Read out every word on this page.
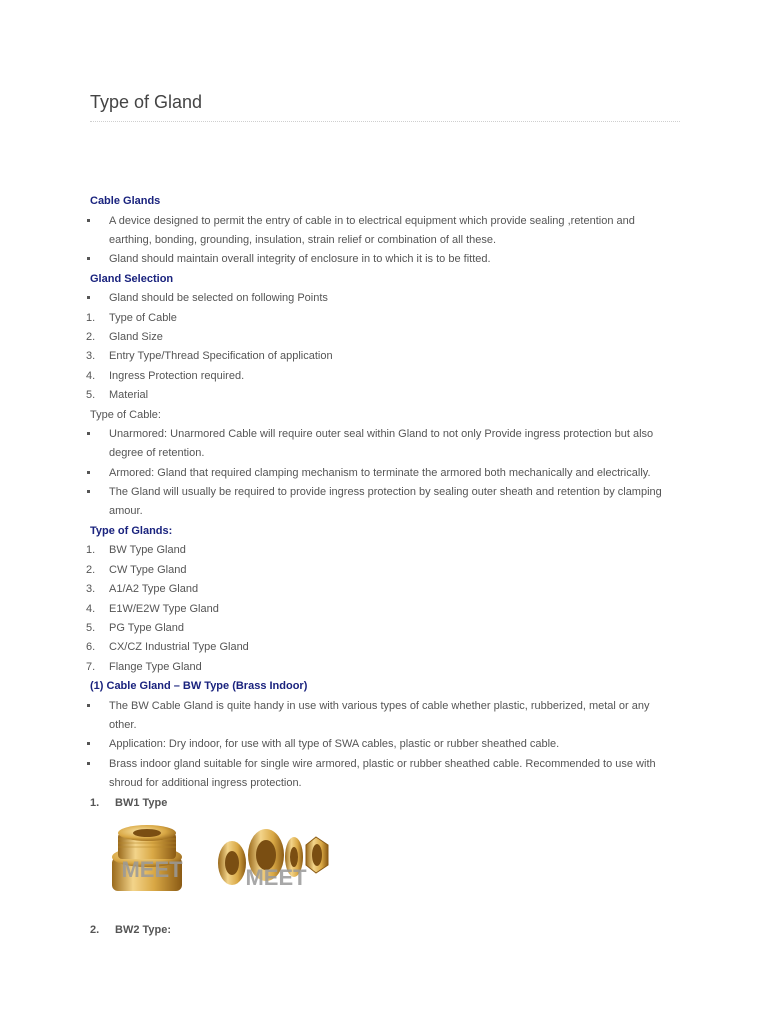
Type of Gland
Cable Glands
A device designed to permit the entry of cable in to electrical equipment which provide sealing ,retention and
earthing, bonding, grounding, insulation, strain relief or combination of all these.
Gland should maintain overall integrity of enclosure in to which it is to be fitted.
Gland Selection
Gland should be selected on following Points
1. Type of Cable
2. Gland Size
3. Entry Type/Thread Specification of application
4. Ingress Protection required.
5. Material
Type of Cable:
Unarmored: Unarmored Cable will require outer seal within Gland to not only Provide ingress protection but also
degree of retention.
Armored: Gland that required clamping mechanism to terminate the armored both mechanically and electrically.
The Gland will usually be required to provide ingress protection by sealing outer sheath and retention by clamping
amour.
Type of Glands:
1. BW Type Gland
2. CW Type Gland
3. A1/A2 Type Gland
4. E1W/E2W Type Gland
5. PG Type Gland
6. CX/CZ Industrial Type Gland
7. Flange Type Gland
(1) Cable Gland – BW Type (Brass Indoor)
The BW Cable Gland is quite handy in use with various types of cable whether plastic, rubberized, metal or any
other.
Application: Dry indoor, for use with all type of SWA cables, plastic or rubber sheathed cable.
Brass indoor gland suitable for single wire armored, plastic or rubber sheathed cable. Recommended to use with
shroud for additional ingress protection.
1. BW1 Type
MEET	MEET
2. BW2 Type:
